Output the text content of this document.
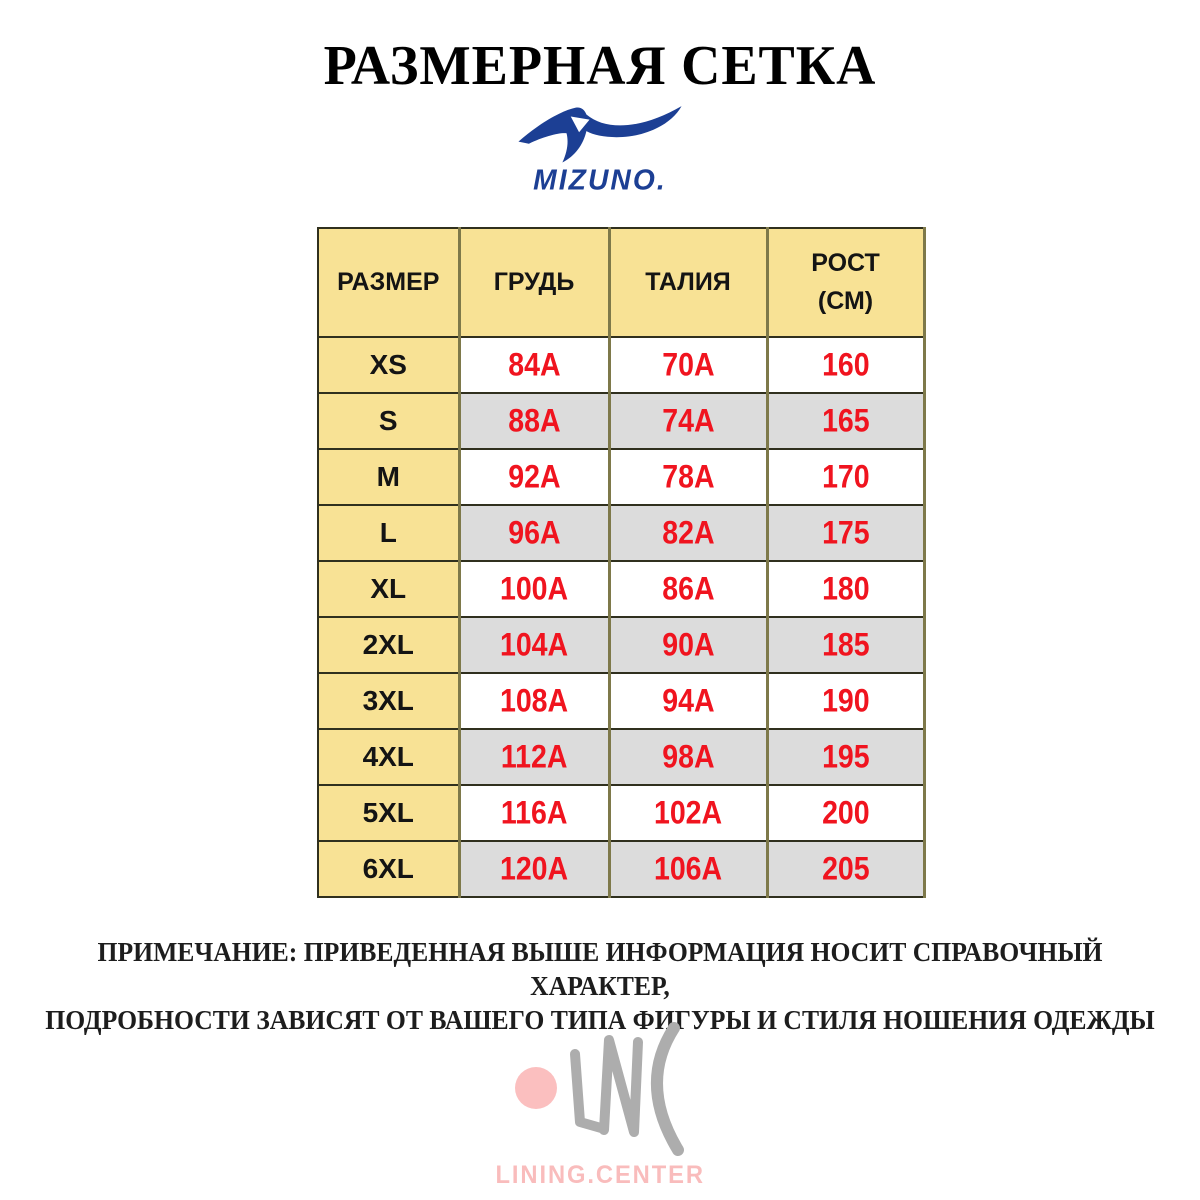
РАЗМЕРНАЯ СЕТКА
MIZUNO.
РАЗМЕР	ГРУДЬ	ТАЛИЯ	РОСТ
(СМ)
XS	84A	70A	160
S	88A	74A	165
M	92A	78A	170
L	96A	82A	175
XL	100A	86A	180
2XL	104A	90A	185
3XL	108A	94A	190
4XL	112A	98A	195
5XL	116A	102A	200
6XL	120A	106A	205
ПРИМЕЧАНИЕ: ПРИВЕДЕННАЯ ВЫШЕ ИНФОРМАЦИЯ НОСИТ СПРАВОЧНЫЙ ХАРАКТЕР,
ПОДРОБНОСТИ ЗАВИСЯТ ОТ ВАШЕГО ТИПА ФИГУРЫ И СТИЛЯ НОШЕНИЯ ОДЕЖДЫ
LINING.CENTER
